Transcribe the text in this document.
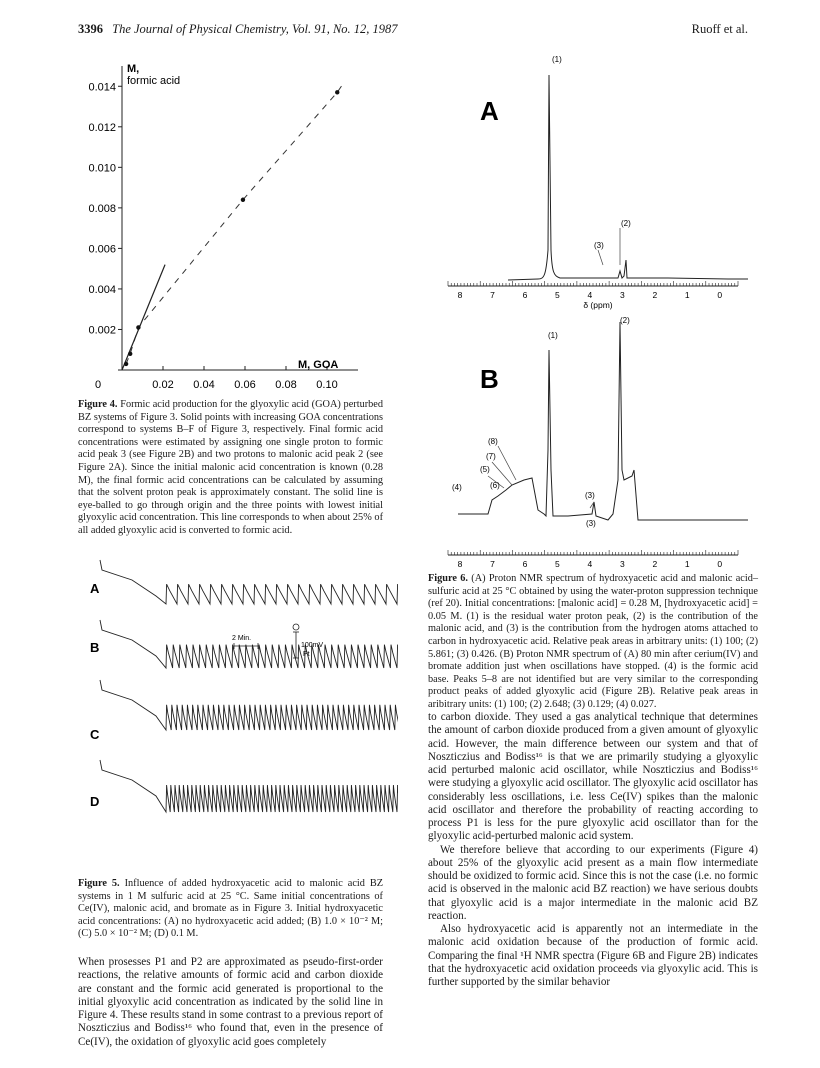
3396 The Journal of Physical Chemistry, Vol. 91, No. 12, 1987	Ruoff et al.
0.014
0.012
0.010
0.008
0.006
0.004
0.002
0	0.02 0.04 0.06 0.08 0.10
M,
formic acid
M, GOA
Figure 4. Formic acid production for the glyoxylic acid (GOA) perturbed BZ systems of Figure 3. Solid points with increasing GOA concentrations correspond to systems B–F of Figure 3, respectively. Final formic acid concentrations were estimated by assigning one single proton to formic acid peak 3 (see Figure 2B) and two protons to malonic acid peak 2 (see Figure 2A). Since the initial malonic acid concentration is known (0.28 M), the final formic acid concentrations can be calculated by assuming that the solvent proton peak is approximately constant. The solid line is eye-balled to go through origin and the three points with lowest initial glyoxylic acid concentration. This line corresponds to when about 25% of all added glyoxylic acid is converted to formic acid.
A
B
C
D
2 Min.
100mV
Pt
Figure 5. Influence of added hydroxyacetic acid to malonic acid BZ systems in 1 M sulfuric acid at 25 °C. Same initial concentrations of Ce(IV), malonic acid, and bromate as in Figure 3. Initial hydroxyacetic acid concentrations: (A) no hydroxyacetic acid added; (B) 1.0 × 10⁻² M; (C) 5.0 × 10⁻² M; (D) 0.1 M.

When prosesses P1 and P2 are approximated as pseudo-first-order reactions, the relative amounts of formic acid and carbon dioxide are constant and the formic acid generated is proportional to the initial glyoxylic acid concentration as indicated by the solid line in Figure 4. These results stand in some contrast to a previous report of Noszticzius and Bodiss¹⁶ who found that, even in the presence of Ce(IV), the oxidation of glyoxylic acid goes completely

A
B
(1)
(2)
(3)
(1)
(2)
(3)
(3)
(4)
(5)
(6)
(7)
(8)
8	7	6	5	4	3	2	1	0
δ (ppm)
8	7	6	5	4	3	2	1	0
Figure 6. (A) Proton NMR spectrum of hydroxyacetic acid and malonic acid–sulfuric acid at 25 °C obtained by using the water-proton suppression technique (ref 20). Initial concentrations: [malonic acid] = 0.28 M, [hydroxyacetic acid] = 0.05 M. (1) is the residual water proton peak, (2) is the contribution of the malonic acid, and (3) is the contribution from the hydrogen atoms attached to carbon in hydroxyacetic acid. Relative peak areas in arbitrary units: (1) 100; (2) 5.861; (3) 0.426. (B) Proton NMR spectrum of (A) 80 min after cerium(IV) and bromate addition just when oscillations have stopped. (4) is the formic acid base. Peaks 5–8 are not identified but are very similar to the corresponding product peaks of added glyoxylic acid (Figure 2B). Relative peak areas in aribitrary units: (1) 100; (2) 2.648; (3) 0.129; (4) 0.027.

to carbon dioxide. They used a gas analytical technique that determines the amount of carbon dioxide produced from a given amount of glyoxylic acid. However, the main difference between our system and that of Noszticzius and Bodiss¹⁶ is that we are primarily studying a glyoxylic acid perturbed malonic acid oscillator, while Noszticzius and Bodiss¹⁶ were studying a glyoxylic acid oscillator. The glyoxylic acid oscillator has considerably less oscillations, i.e. less Ce(IV) spikes than the malonic acid oscillator and therefore the probability of reacting according to process P1 is less for the pure glyoxylic acid oscillator than for the glyoxylic acid-perturbed malonic acid system.

We therefore believe that according to our experiments (Figure 4) about 25% of the glyoxylic acid present as a main flow intermediate should be oxidized to formic acid. Since this is not the case (i.e. no formic acid is observed in the malonic acid BZ reaction) we have serious doubts that glyoxylic acid is a major intermediate in the malonic acid BZ reaction.

Also hydroxyacetic acid is apparently not an intermediate in the malonic acid oxidation because of the production of formic acid. Comparing the final ¹H NMR spectra (Figure 6B and Figure 2B) indicates that the hydroxyacetic acid oxidation proceeds via glyoxylic acid. This is further supported by the similar behavior
